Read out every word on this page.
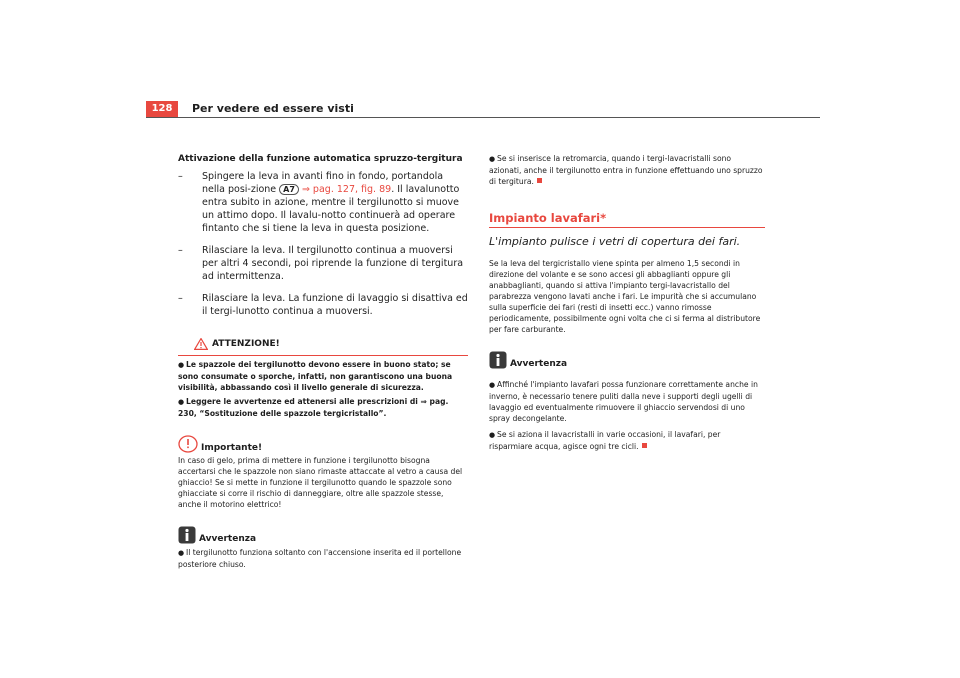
128	Per vedere ed essere visti
Attivazione della funzione automatica spruzzo-tergitura
– Spingere la leva in avanti fino in fondo, portandola nella posi-zione A7 ⇒ pag. 127, fig. 89. Il lavalunotto entra subito in azione, mentre il tergilunotto si muove un attimo dopo. Il lavalu-notto continuerà ad operare fintanto che si tiene la leva in questa posizione.
– Rilasciare la leva. Il tergilunotto continua a muoversi per altri 4 secondi, poi riprende la funzione di tergitura ad intermittenza.
– Rilasciare la leva. La funzione di lavaggio si disattiva ed il tergi-lunotto continua a muoversi.
ATTENZIONE!
● Le spazzole dei tergilunotto devono essere in buono stato; se sono consumate o sporche, infatti, non garantiscono una buona visibilità, abbassando così il livello generale di sicurezza.
● Leggere le avvertenze ed attenersi alle prescrizioni di ⇒ pag. 230, “Sostituzione delle spazzole tergicristallo”.
Importante!
In caso di gelo, prima di mettere in funzione i tergilunotto bisogna accertarsi che le spazzole non siano rimaste attaccate al vetro a causa del ghiaccio! Se si mette in funzione il tergilunotto quando le spazzole sono ghiacciate si corre il rischio di danneggiare, oltre alle spazzole stesse, anche il motorino elettrico!
Avvertenza
● Il tergilunotto funziona soltanto con l'accensione inserita ed il portellone posteriore chiuso.
● Se si inserisce la retromarcia, quando i tergi-lavacristalli sono azionati, anche il tergilunotto entra in funzione effettuando uno spruzzo di tergitura.
Impianto lavafari*
L'impianto pulisce i vetri di copertura dei fari.
Se la leva del tergicristallo viene spinta per almeno 1,5 secondi in direzione del volante e se sono accesi gli abbaglianti oppure gli anabbaglianti, quando si attiva l'impianto tergi-lavacristallo del parabrezza vengono lavati anche i fari. Le impurità che si accumulano sulla superficie dei fari (resti di insetti ecc.) vanno rimosse periodicamente, possibilmente ogni volta che ci si ferma al distributore per fare carburante.
Avvertenza
● Affinché l'impianto lavafari possa funzionare correttamente anche in inverno, è necessario tenere puliti dalla neve i supporti degli ugelli di lavaggio ed eventualmente rimuovere il ghiaccio servendosi di uno spray decongelante.
● Se si aziona il lavacristalli in varie occasioni, il lavafari, per risparmiare acqua, agisce ogni tre cicli.
